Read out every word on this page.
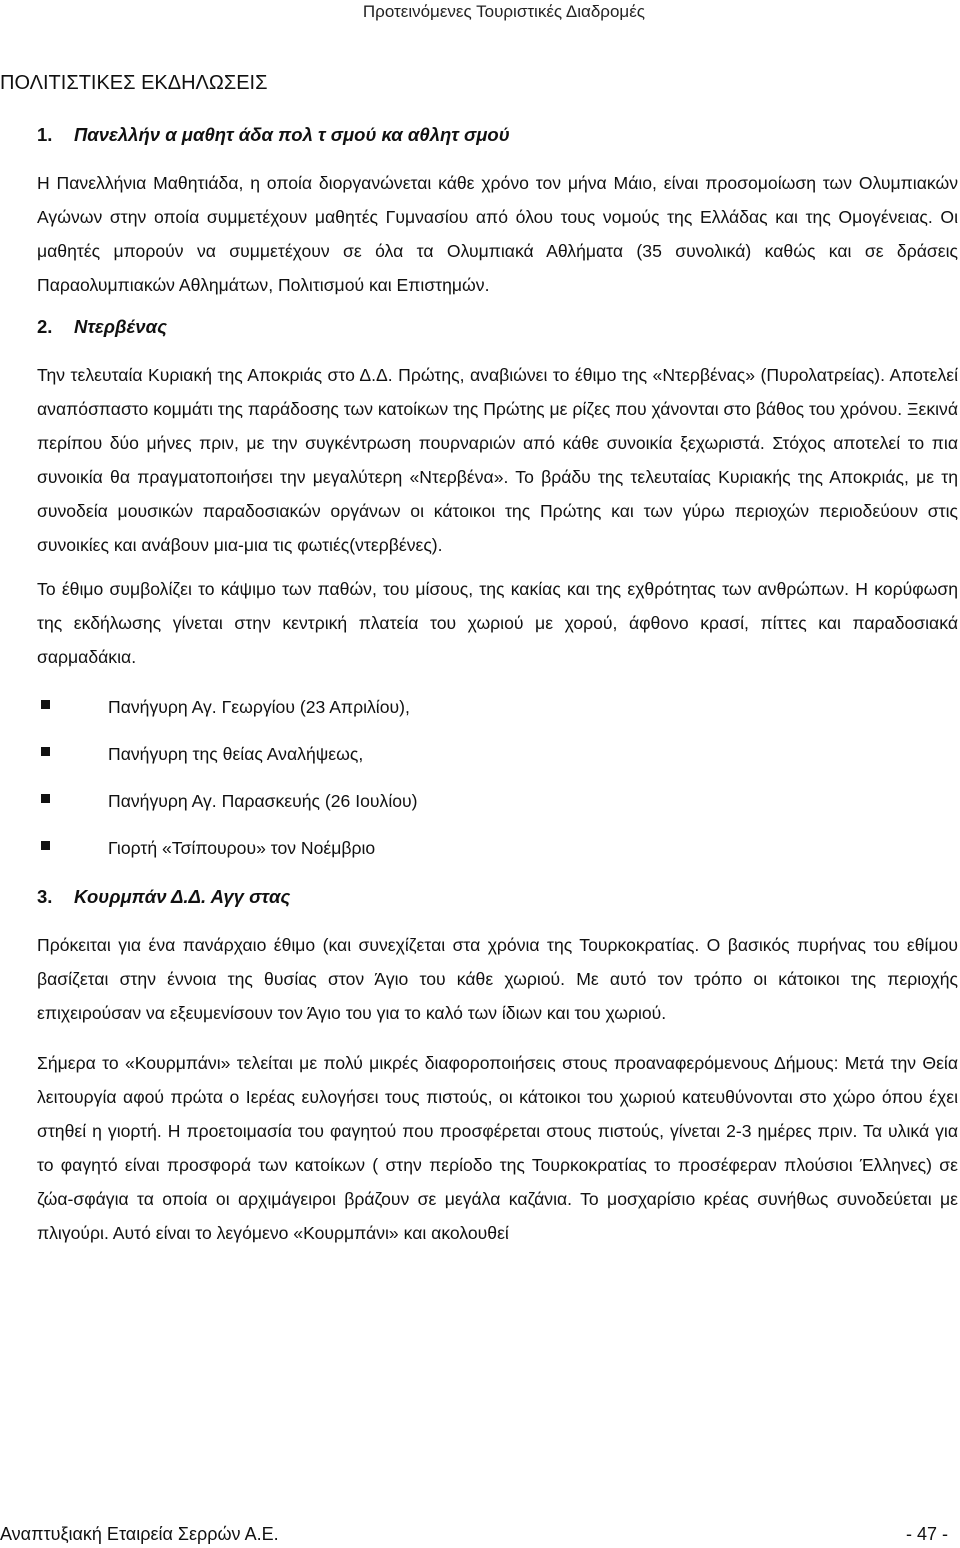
Προτεινόμενες Τουριστικές Διαδρομές
ΠΟΛΙΤΙΣΤΙΚΕΣ ΕΚΔΗΛΩΣΕΙΣ
1. Πανελλήν α μαθητ άδα πολ τ σμού κα αθλητ σμού

Η Πανελλήνια Μαθητιάδα, η οποία διοργανώνεται κάθε χρόνο τον μήνα Μάιο, είναι προσομοίωση των Ολυμπιακών Αγώνων στην οποία συμμετέχουν μαθητές Γυμνασίου από όλου τους νομούς της Ελλάδας και της Ομογένειας. Οι μαθητές μπορούν να συμμετέχουν σε όλα τα Ολυμπιακά Αθλήματα (35 συνολικά) καθώς και σε δράσεις Παραολυμπιακών Αθλημάτων, Πολιτισμού και Επιστημών.

2. Ντερβένας

Την τελευταία Κυριακή της Αποκριάς στο Δ.Δ. Πρώτης, αναβιώνει το έθιμο της «Ντερβένας» (Πυρολατρείας). Αποτελεί αναπόσπαστο κομμάτι της παράδοσης των κατοίκων της Πρώτης με ρίζες που χάνονται στο βάθος του χρόνου. Ξεκινά περίπου δύο μήνες πριν, με την συγκέντρωση πουρναριών από κάθε συνοικία ξεχωριστά. Στόχος αποτελεί το πια συνοικία θα πραγματοποιήσει την μεγαλύτερη «Ντερβένα». Το βράδυ της τελευταίας Κυριακής της Αποκριάς, με τη συνοδεία μουσικών παραδοσιακών οργάνων οι κάτοικοι της Πρώτης και των γύρω περιοχών περιοδεύουν στις συνοικίες και ανάβουν μια-μια τις φωτιές(ντερβένες).

Το έθιμο συμβολίζει το κάψιμο των παθών, του μίσους, της κακίας και της εχθρότητας των ανθρώπων. Η κορύφωση της εκδήλωσης γίνεται στην κεντρική πλατεία του χωριού με χορού, άφθονο κρασί, πίττες και παραδοσιακά σαρμαδάκια.

Πανήγυρη Αγ. Γεωργίου (23 Απριλίου),
Πανήγυρη της θείας Αναλήψεως,
Πανήγυρη Αγ. Παρασκευής (26 Ιουλίου)
Γιορτή «Τσίπουρου» τον Νοέμβριο
3. Κουρμπάν Δ.Δ. Αγγ στας

Πρόκειται για ένα πανάρχαιο έθιμο (και συνεχίζεται στα χρόνια της Τουρκοκρατίας. Ο βασικός πυρήνας του εθίμου βασίζεται στην έννοια της θυσίας στον Άγιο του κάθε χωριού. Με αυτό τον τρόπο οι κάτοικοι της περιοχής επιχειρούσαν να εξευμενίσουν τον Άγιο του για το καλό των ίδιων και του χωριού.

Σήμερα το «Κουρμπάνι» τελείται με πολύ μικρές διαφοροποιήσεις στους προαναφερόμενους Δήμους: Μετά την Θεία λειτουργία αφού πρώτα ο Ιερέας ευλογήσει τους πιστούς, οι κάτοικοι του χωριού κατευθύνονται στο χώρο όπου έχει στηθεί η γιορτή. Η προετοιμασία του φαγητού που προσφέρεται στους πιστούς, γίνεται 2-3 ημέρες πριν. Τα υλικά για το φαγητό είναι προσφορά των κατοίκων ( στην περίοδο της Τουρκοκρατίας το προσέφεραν πλούσιοι Έλληνες) σε ζώα-σφάγια τα οποία οι αρχιμάγειροι βράζουν σε μεγάλα καζάνια. Το μοσχαρίσιο κρέας συνήθως συνοδεύεται με πλιγούρι. Αυτό είναι το λεγόμενο «Κουρμπάνι» και ακολουθεί

Αναπτυξιακή Εταιρεία Σερρών Α.Ε.	- 47 -
